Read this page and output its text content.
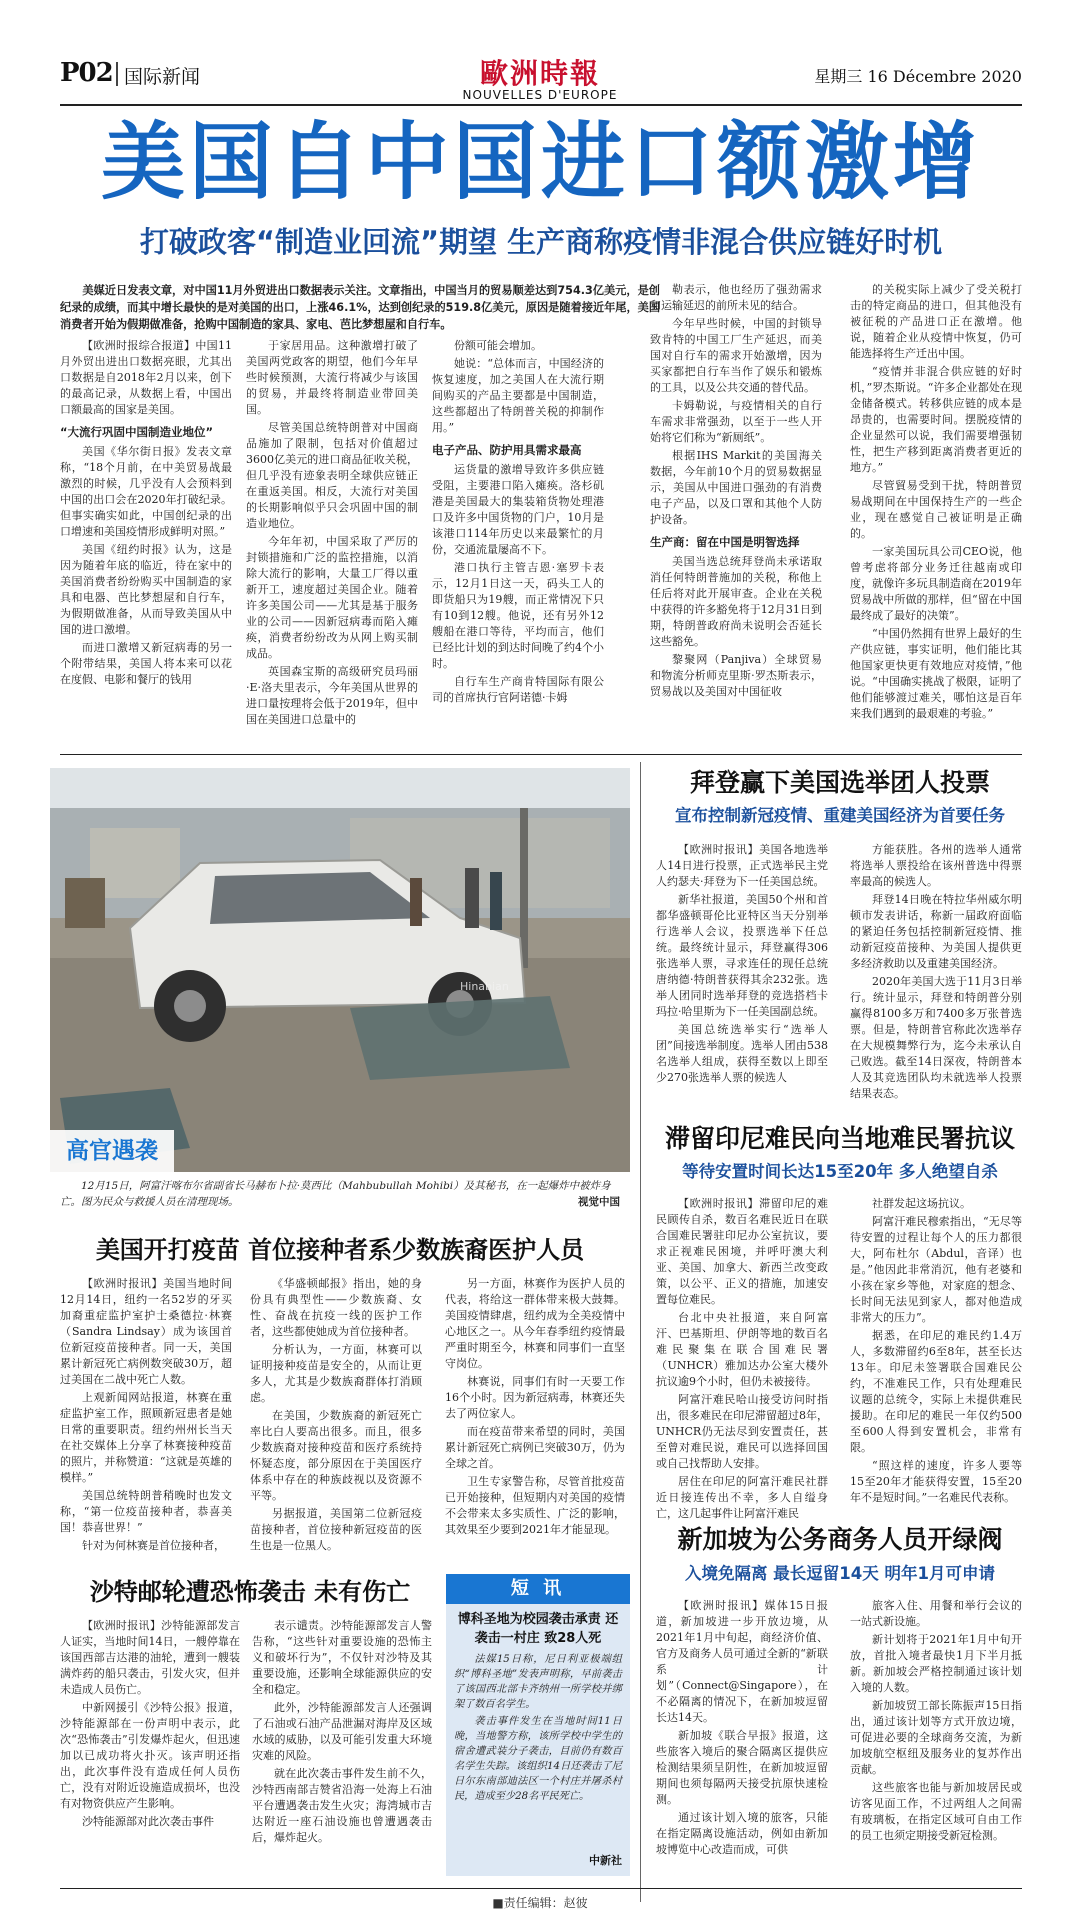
P02 国际新闻	歐洲時報
NOUVELLES D'EUROPE
星期三 16 Décembre 2020
美国自中国进口额激增
打破政客“制造业回流”期望 生产商称疫情非混合供应链好时机
美媒近日发表文章，对中国11月外贸进出口数据表示关注。文章指出，中国当月的贸易顺差达到754.3亿美元，是创纪录的成绩，而其中增长最快的是对美国的出口，上涨46.1%，达到创纪录的519.8亿美元，原因是随着接近年尾，美国消费者开始为假期做准备，抢购中国制造的家具、家电、芭比梦想屋和自行车。

【欧洲时报综合报道】中国11月外贸出进出口数据亮眼，尤其出口数据是自2018年2月以来，创下的最高记录，从数据上看，中国出口额最高的国家是美国。

“大流行巩固中国制造业地位”

美国《华尔街日报》发表文章称，“18个月前，在中美贸易战最激烈的时候，几乎没有人会预料到中国的出口会在2020年打破纪录。但事实确实如此，中国创纪录的出口增速和美国疫情形成鲜明对照。”

美国《纽约时报》认为，这是因为随着年底的临近，待在家中的美国消费者纷纷购买中国制造的家具和电器、芭比梦想屋和自行车，为假期做准备，从而导致美国从中国的进口激增。

而进口激增又新冠病毒的另一个附带结果，美国人将本来可以花在度假、电影和餐厅的钱用

于家居用品。这种激增打破了美国两党政客的期望，他们今年早些时候预测，大流行将减少与该国的贸易，并最终将制造业带回美国。

尽管美国总统特朗普对中国商品施加了限制，包括对价值超过3600亿美元的进口商品征收关税，但几乎没有迹象表明全球供应链正在重返美国。相反，大流行对美国的长期影响似乎只会巩固中国的制造业地位。

今年年初，中国采取了严厉的封锁措施和广泛的监控措施，以消除大流行的影响，大量工厂得以重新开工，速度超过美国企业。随着许多美国公司——尤其是基于服务业的公司——因新冠病毒而陷入瘫痪，消费者纷纷改为从网上购买制成品。

英国森宝斯的高级研究员玛丽·E·洛夫里表示，今年美国从世界的进口量按理将会低于2019年，但中国在美国进口总量中的

份额可能会增加。

她说：“总体而言，中国经济的恢复速度，加之美国人在大流行期间购买的产品主要都是中国制造，这些都超出了特朗普关税的抑制作用。”

电子产品、防护用具需求最高

运货量的激增导致许多供应链受阻，主要港口陷入瘫痪。洛杉矶港是美国最大的集装箱货物处理港口及许多中国货物的门户，10月是该港口114年历史以来最繁忙的月份，交通流量屡高不下。

港口执行主管吉恩·塞罗卡表示，12月1日这一天，码头工人的即货船只为19艘，而正常情况下只有10到12艘。他说，还有另外12艘船在港口等待，平均而言，他们已经比计划的到达时间晚了约4个小时。

自行车生产商肯特国际有限公司的首席执行官阿诺德·卡姆

勒表示，他也经历了强劲需求和运输延迟的前所未见的结合。

今年早些时候，中国的封锁导致肯特的中国工厂生产延迟，而美国对自行车的需求开始激增，因为买家都把自行车当作了娱乐和锻炼的工具，以及公共交通的替代品。

卡姆勒说，与疫情相关的自行车需求非常强劲，以至于一些人开始将它们称为“新厕纸”。

根据IHS Markit的美国海关数据，今年前10个月的贸易数据显示，美国从中国进口强劲的有消费电子产品，以及口罩和其他个人防护设备。

生产商：留在中国是明智选择

美国当选总统拜登尚未承诺取消任何特朗普施加的关税，称他上任后将对此开展审查。企业在关税中获得的许多豁免将于12月31日到期，特朗普政府尚未说明会否延长这些豁免。

黎聚网（Panjiva）全球贸易和物流分析师克里斯·罗杰斯表示，贸易战以及美国对中国征收

的关税实际上减少了受关税打击的特定商品的进口，但其他没有被征税的产品进口正在激增。他说，随着企业从疫情中恢复，仍可能选择将生产迁出中国。

“疫情并非混合供应链的好时机，”罗杰斯说。“许多企业都处在现金储备模式。转移供应链的成本是昂贵的，也需要时间。摆脱疫情的企业显然可以说，我们需要增强韧性，把生产移到距离消费者更近的地方。”

尽管貿易受到干扰，特朗普贸易战期间在中国保持生产的一些企业，现在感觉自己被证明是正确的。

一家美国玩具公司CEO说，他曾考虑将部分业务迁往越南或印度，就像许多玩具制造商在2019年贸易战中所做的那样，但“留在中国最终成了最好的决策”。

“中国仍然拥有世界上最好的生产供应链，事实证明，他们能比其他国家更快更有效地应对疫情，”他说。“中国确实挑战了极限，证明了他们能够渡过难关，哪怕这是百年来我们遇到的最艰难的考验。”

Hinabian
高官遇袭
12月15日，阿富汗喀布尔省副省长马赫布卜拉·莫西比（Mahbubullah Mohibi）及其秘书，在一起爆炸中被炸身亡。图为民众与救援人员在清理现场。	视觉中国
拜登赢下美国选举团人投票
宣布控制新冠疫情、重建美国经济为首要任务

【欧洲时报讯】美国各地选举人14日进行投票，正式选举民主党人约瑟夫·拜登为下一任美国总统。

新华社报道，美国50个州和首都华盛顿哥伦比亚特区当天分别举行选举人会议，投票选举下任总统。最终统计显示，拜登赢得306张选举人票，寻求连任的现任总统唐纳德·特朗普获得其余232张。选举人团同时选举拜登的竞选搭档卡玛拉·哈里斯为下一任美国副总统。

美国总统选举实行“选举人团”间接选举制度。选举人团由538名选举人组成，获得至数以上即至少270张选举人票的候选人

方能获胜。各州的选举人通常将选举人票投给在该州普选中得票率最高的候选人。

拜登14日晚在特拉华州威尔明顿市发表讲话，称新一届政府面临的紧迫任务包括控制新冠疫情、推动新冠疫苗接种、为美国人提供更多经济救助以及重建美国经济。

2020年美国大选于11月3日举行。统计显示，拜登和特朗普分别赢得8100多万和7400多万张普选票。但是，特朗普官称此次选举存在大规模舞弊行为，迄今未承认自己败选。截至14日深夜，特朗普本人及其竞选团队均未就选举人投票结果表态。

滞留印尼难民向当地难民署抗议
等待安置时间长达15至20年 多人绝望自杀

【欧洲时报讯】滞留印尼的难民顾传自杀，数百名难民近日在联合国难民署驻印尼办公室抗议，要求正视难民困境，并呼吁澳大利亚、美国、加拿大、新西兰改变政策，以公平、正义的措施，加速安置每位难民。

台北中央社报道，来自阿富汗、巴基斯坦、伊朗等地的数百名难民聚集在联合国难民署（UNHCR）雅加达办公室大楼外抗议逾9个小时，但仍未被接待。

阿富汗难民哈山接受访问时指出，很多难民在印尼滞留超过8年，UNHCR仍无法尽到安置责任，甚至曾对难民说，难民可以选择回国或自己找帮助人安排。

居住在印尼的阿富汗难民社群近日接连传出不幸，多人自缢身亡，这几起事件让阿富汗难民

社群发起这场抗议。

阿富汗难民穆索指出，“无尽等待安置的过程让每个人的压力都很大，阿布杜尔（Abdul，音译）也是。”他因此非常消沉，他有老婆和小孩在家乡等他，对家庭的想念、长时间无法见到家人，都对他造成非常大的压力”。

据悉，在印尼的难民约1.4万人，多数滞留约6至8年，甚至长达13年。印尼未签署联合国难民公约，不准难民工作，只有处理难民议题的总统令，实际上未提供难民援助。在印尼的难民一年仅约500至600人得到安置机会，非常有限。

“照这样的速度，许多人要等15至20年才能获得安置，15至20年不是短时间。”一名难民代表称。

美国开打疫苗 首位接种者系少数族裔医护人员

【欧洲时报讯】美国当地时间12月14日，纽约一名52岁的牙买加裔重症监护室护士桑德拉·林赛（Sandra Lindsay）成为该国首位新冠疫苗接种者。同一天，美国累计新冠死亡病例数突破30万，超过美国在二战中死亡人数。

上观新闻网站报道，林赛在重症监护室工作，照顾新冠患者是她日常的重要职责。纽约州州长当天在社交媒体上分享了林赛接种疫苗的照片，并称赞道：“这就是英雄的模样。”

美国总统特朗普稍晚时也发文称，“第一位疫苗接种者，恭喜美国！恭喜世界！”

针对为何林赛是首位接种者，

《华盛顿邮报》指出，她的身份具有典型性——少数族裔、女性、奋战在抗疫一线的医护工作者，这些都使她成为首位接种者。

分析认为，一方面，林赛可以证明接种疫苗是安全的，从而让更多人，尤其是少数族裔群体打消顾虑。

在美国，少数族裔的新冠死亡率比白人要高出很多。而且，很多少数族裔对接种疫苗和医疗系统持怀疑态度，部分原因在于美国医疗体系中存在的种族歧视以及资源不平等。

另据报道，美国第二位新冠疫苗接种者，首位接种新冠疫苗的医生也是一位黑人。

另一方面，林赛作为医护人员的代表，将给这一群体带来极大鼓舞。美国疫情肆虐，纽约成为全美疫情中心地区之一。从今年春季纽约疫情最严重时期至今，林赛和同事们一直坚守岗位。

林赛说，同事们有时一天要工作16个小时。因为新冠病毒，林赛还失去了两位家人。

而在疫苗带来希望的同时，美国累计新冠死亡病例已突破30万，仍为全球之首。

卫生专家警告称，尽管首批疫苗已开始接种，但短期内对美国的疫情不会带来太多实质性、广泛的影响，其效果至少要到2021年才能显现。

沙特邮轮遭恐怖袭击 未有伤亡

【欧洲时报讯】沙特能源部发言人证实，当地时间14日，一艘停靠在该国西部吉达港的油轮，遭到一艘装满炸药的船只袭击，引发火灾，但并未造成人员伤亡。

中新网援引《沙特公报》报道，沙特能源部在一份声明中表示，此次“恐怖袭击”引发爆炸起火，但迅速加以已成功将火扑灭。该声明还指出，此次事件没有造成任何人员伤亡，没有对附近设施造成损坏，也没有对物资供应产生影响。

沙特能源部对此次袭击事件

表示谴责。沙特能源部发言人警告称，“这些针对重要设施的恐怖主义和破坏行为”，不仅针对沙特及其重要设施，还影响全球能源供应的安全和稳定。

此外，沙特能源部发言人还强调了石油或石油产品泄漏对海岸及区域水域的威胁，以及可能引发重大环境灾难的风险。

就在此次袭击事件发生前不久，沙特西南部吉赞省沿海一处海上石油平台遭遇袭击发生火灾；海湾城市吉达附近一座石油设施也曾遭遇袭击后，爆炸起火。

短 讯
博科圣地为校园袭击承责 还袭击一村庄 致28人死

法媒15日称，尼日利亚极端组织“博科圣地”发表声明称，早前袭击了该国西北部卡齐纳州一所学校并绑架了数百名学生。

袭击事件发生在当地时间11日晚，当地警方称，该所学校中学生的宿舍遭武装分子袭击，目前仍有数百名学生失踪。该组织14日还袭击了尼日尔东南部迪法区一个村庄并屠杀村民，造成至少28名平民死亡。

中新社
新加坡为公务商务人员开绿阀
入境免隔离 最长逗留14天 明年1月可申请

【欧洲时报讯】媒体15日报道，新加坡进一步开放边境，从2021年1月中旬起，商经济价值、官方及商务人员可通过全新的“新联系计划”（Connect@Singapore），在不必隔离的情况下，在新加坡逗留长达14天。

新加坡《联合早报》报道，这些旅客入境后的聚合隔离区提供应检测结果须呈阴性，在新加坡逗留期间也须每隔两天接受抗原快速检测。

通过该计划入境的旅客，只能在指定隔离设施活动，例如由新加坡博览中心改造而成，可供

旅客入住、用餐和举行会议的一站式新设施。

新计划将于2021年1月中旬开放，首批入境者最快1月下半月抵新。新加坡会严格控制通过该计划入境的人数。

新加坡贸工部长陈振声15日指出，通过该计划等方式开放边境，可促进必要的全球商务交流，为新加坡航空枢纽及服务业的复苏作出贡献。

这些旅客也能与新加坡居民或访客见面工作，不过两组人之间需有玻璃板，在指定区域可自由工作的员工也须定期接受新冠检测。

■责任编辑：赵彼
